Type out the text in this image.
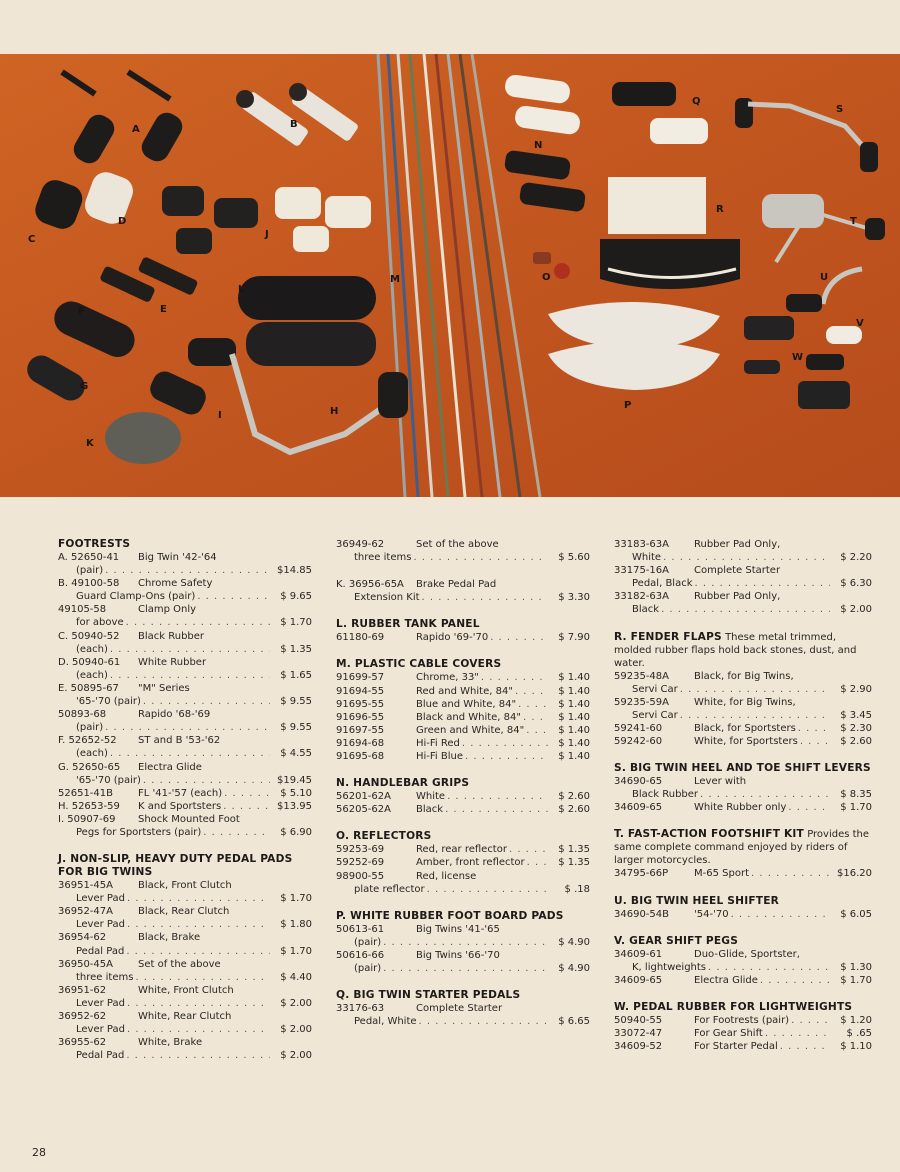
A	B
C
D
E
F
G
H
I
J
K
L
M
N
O
P
Q
R
S
T
U
V
W
FOOTRESTS
A. 52650-41	Big Twin '42-'64
(pair) . . .	$14.85
B. 49100-58	Chrome Safety
Guard Clamp-Ons (pair) . . .	$ 9.65
49105-58	Clamp Only
for above . . .	$ 1.70
C. 50940-52	Black Rubber
(each) . . .	$ 1.35
D. 50940-61	White Rubber
(each) . . .	$ 1.65
E. 50895-67	"M" Series
'65-'70 (pair) . . .	$ 9.55
50893-68	Rapido '68-'69
(pair) . . .	$ 9.55
F. 52652-52	ST and B '53-'62
(each) . . .	$ 4.55
G. 52650-65	Electra Glide
'65-'70 (pair) . . .	$19.45
52651-41B	FL '41-'57 (each) . . .	$ 5.10
H. 52653-59	K and Sportsters . . .	$13.95
I. 50907-69	Shock Mounted Foot
Pegs for Sportsters (pair) . . .	$ 6.90
J. NON-SLIP, HEAVY DUTY PEDAL PADS FOR BIG TWINS
36951-45A	Black, Front Clutch
Lever Pad . . .	$ 1.70
36952-47A	Black, Rear Clutch
Lever Pad . . .	$ 1.80
36954-62	Black, Brake
Pedal Pad . . .	$ 1.70
36950-45A	Set of the above
three items . . .	$ 4.40
36951-62	White, Front Clutch
Lever Pad . . .	$ 2.00
36952-62	White, Rear Clutch
Lever Pad . . .	$ 2.00
36955-62	White, Brake
Pedal Pad . . .	$ 2.00
36949-62	Set of the above
three items . . .	$ 5.60
K. 36956-65A	Brake Pedal Pad
Extension Kit . . .	$ 3.30
L. RUBBER TANK PANEL
61180-69	Rapido '69-'70 . . .	$ 7.90
M. PLASTIC CABLE COVERS
91699-57	Chrome, 33" . . .	$ 1.40
91694-55	Red and White, 84" . . .	$ 1.40
91695-55	Blue and White, 84" . . .	$ 1.40
91696-55	Black and White, 84" . . .	$ 1.40
91697-55	Green and White, 84" . . .	$ 1.40
91694-68	Hi-Fi Red . . .	$ 1.40
91695-68	Hi-Fi Blue . . .	$ 1.40
N. HANDLEBAR GRIPS
56201-62A	White . . .	$ 2.60
56205-62A	Black . . .	$ 2.60
O. REFLECTORS
59253-69	Red, rear reflector . . .	$ 1.35
59252-69	Amber, front reflector . . .	$ 1.35
98900-55	Red, license
plate reflector . . .	$ .18
P. WHITE RUBBER FOOT BOARD PADS
50613-61	Big Twins '41-'65
(pair) . . .	$ 4.90
50616-66	Big Twins '66-'70
(pair) . . .	$ 4.90
Q. BIG TWIN STARTER PEDALS
33176-63	Complete Starter
Pedal, White . . .	$ 6.65
33183-63A	Rubber Pad Only,
White . . .	$ 2.20
33175-16A	Complete Starter
Pedal, Black . . .	$ 6.30
33182-63A	Rubber Pad Only,
Black . . .	$ 2.00
R. FENDER FLAPS These metal trimmed, molded rubber flaps hold back stones, dust, and water.
59235-48A	Black, for Big Twins,
Servi Car . . .	$ 2.90
59235-59A	White, for Big Twins,
Servi Car . . .	$ 3.45
59241-60	Black, for Sportsters . . .	$ 2.30
59242-60	White, for Sportsters . . .	$ 2.60
S. BIG TWIN HEEL AND TOE SHIFT LEVERS
34690-65	Lever with
Black Rubber . . .	$ 8.35
34609-65	White Rubber only . . .	$ 1.70
T. FAST-ACTION FOOTSHIFT KIT Provides the same complete command enjoyed by riders of larger motorcycles.
34795-66P	M-65 Sport . . .	$16.20
U. BIG TWIN HEEL SHIFTER
34690-54B	'54-'70 . . .	$ 6.05
V. GEAR SHIFT PEGS
34609-61	Duo-Glide, Sportster,
K, lightweights . . .	$ 1.30
34609-65	Electra Glide . . .	$ 1.70
W. PEDAL RUBBER FOR LIGHTWEIGHTS
50940-55	For Footrests (pair) . . .	$ 1.20
33072-47	For Gear Shift . . .	$ .65
34609-52	For Starter Pedal . . .	$ 1.10
28
